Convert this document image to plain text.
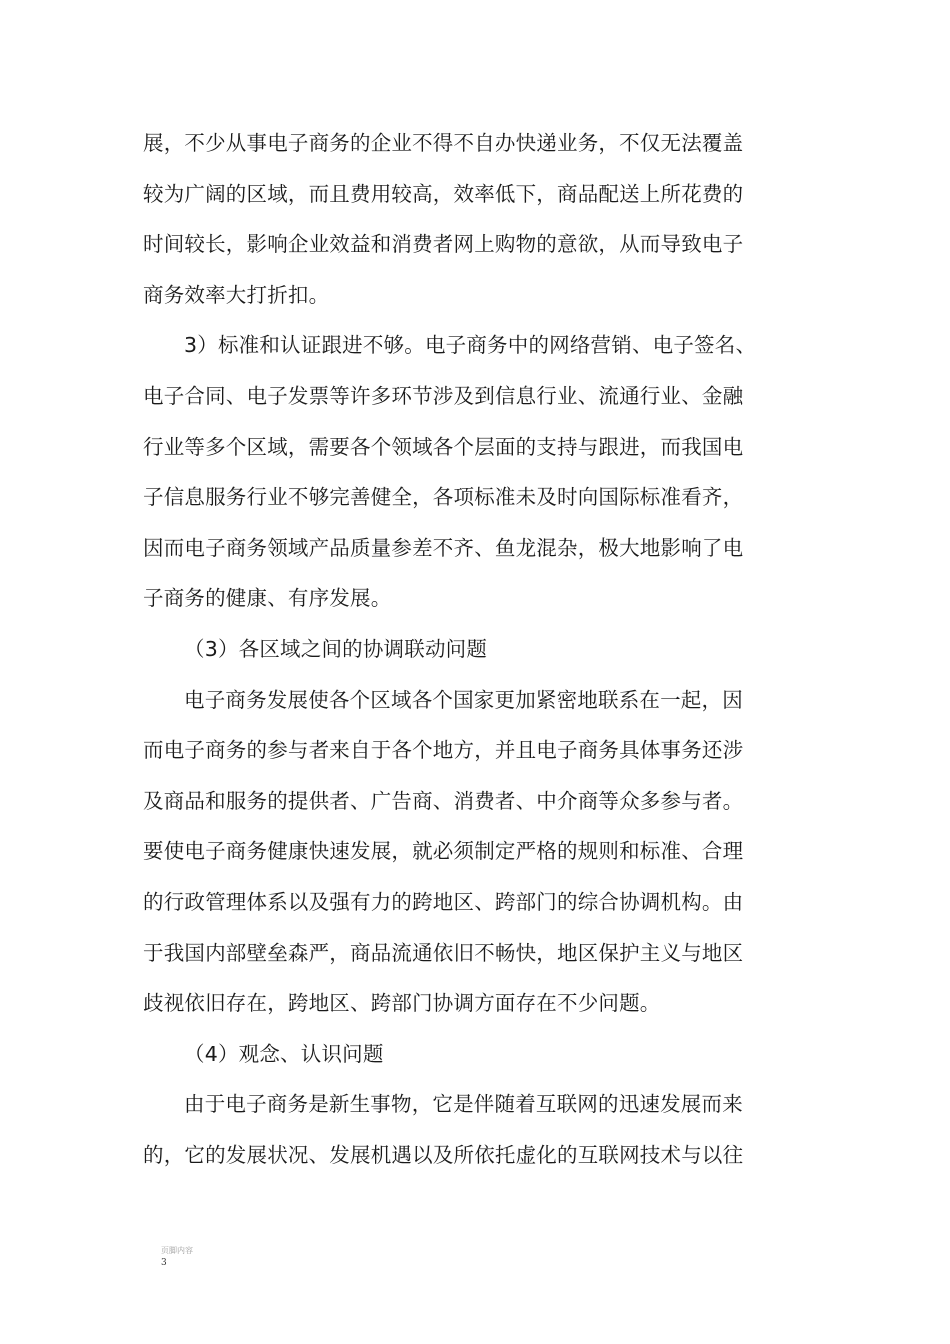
展，不少从事电子商务的企业不得不自办快递业务，不仅无法覆盖
较为广阔的区域，而且费用较高，效率低下，商品配送上所花费的
时间较长，影响企业效益和消费者网上购物的意欲，从而导致电子
商务效率大打折扣。
3）标准和认证跟进不够。电子商务中的网络营销、电子签名、
电子合同、电子发票等许多环节涉及到信息行业、流通行业、金融
行业等多个区域，需要各个领域各个层面的支持与跟进，而我国电
子信息服务行业不够完善健全，各项标准未及时向国际标准看齐，
因而电子商务领域产品质量参差不齐、鱼龙混杂，极大地影响了电
子商务的健康、有序发展。
（3）各区域之间的协调联动问题
电子商务发展使各个区域各个国家更加紧密地联系在一起，因
而电子商务的参与者来自于各个地方，并且电子商务具体事务还涉
及商品和服务的提供者、广告商、消费者、中介商等众多参与者。
要使电子商务健康快速发展，就必须制定严格的规则和标准、合理
的行政管理体系以及强有力的跨地区、跨部门的综合协调机构。由
于我国内部壁垒森严，商品流通依旧不畅快，地区保护主义与地区
歧视依旧存在，跨地区、跨部门协调方面存在不少问题。
（4）观念、认识问题
由于电子商务是新生事物，它是伴随着互联网的迅速发展而来
的，它的发展状况、发展机遇以及所依托虚化的互联网技术与以往
页脚内容
3
